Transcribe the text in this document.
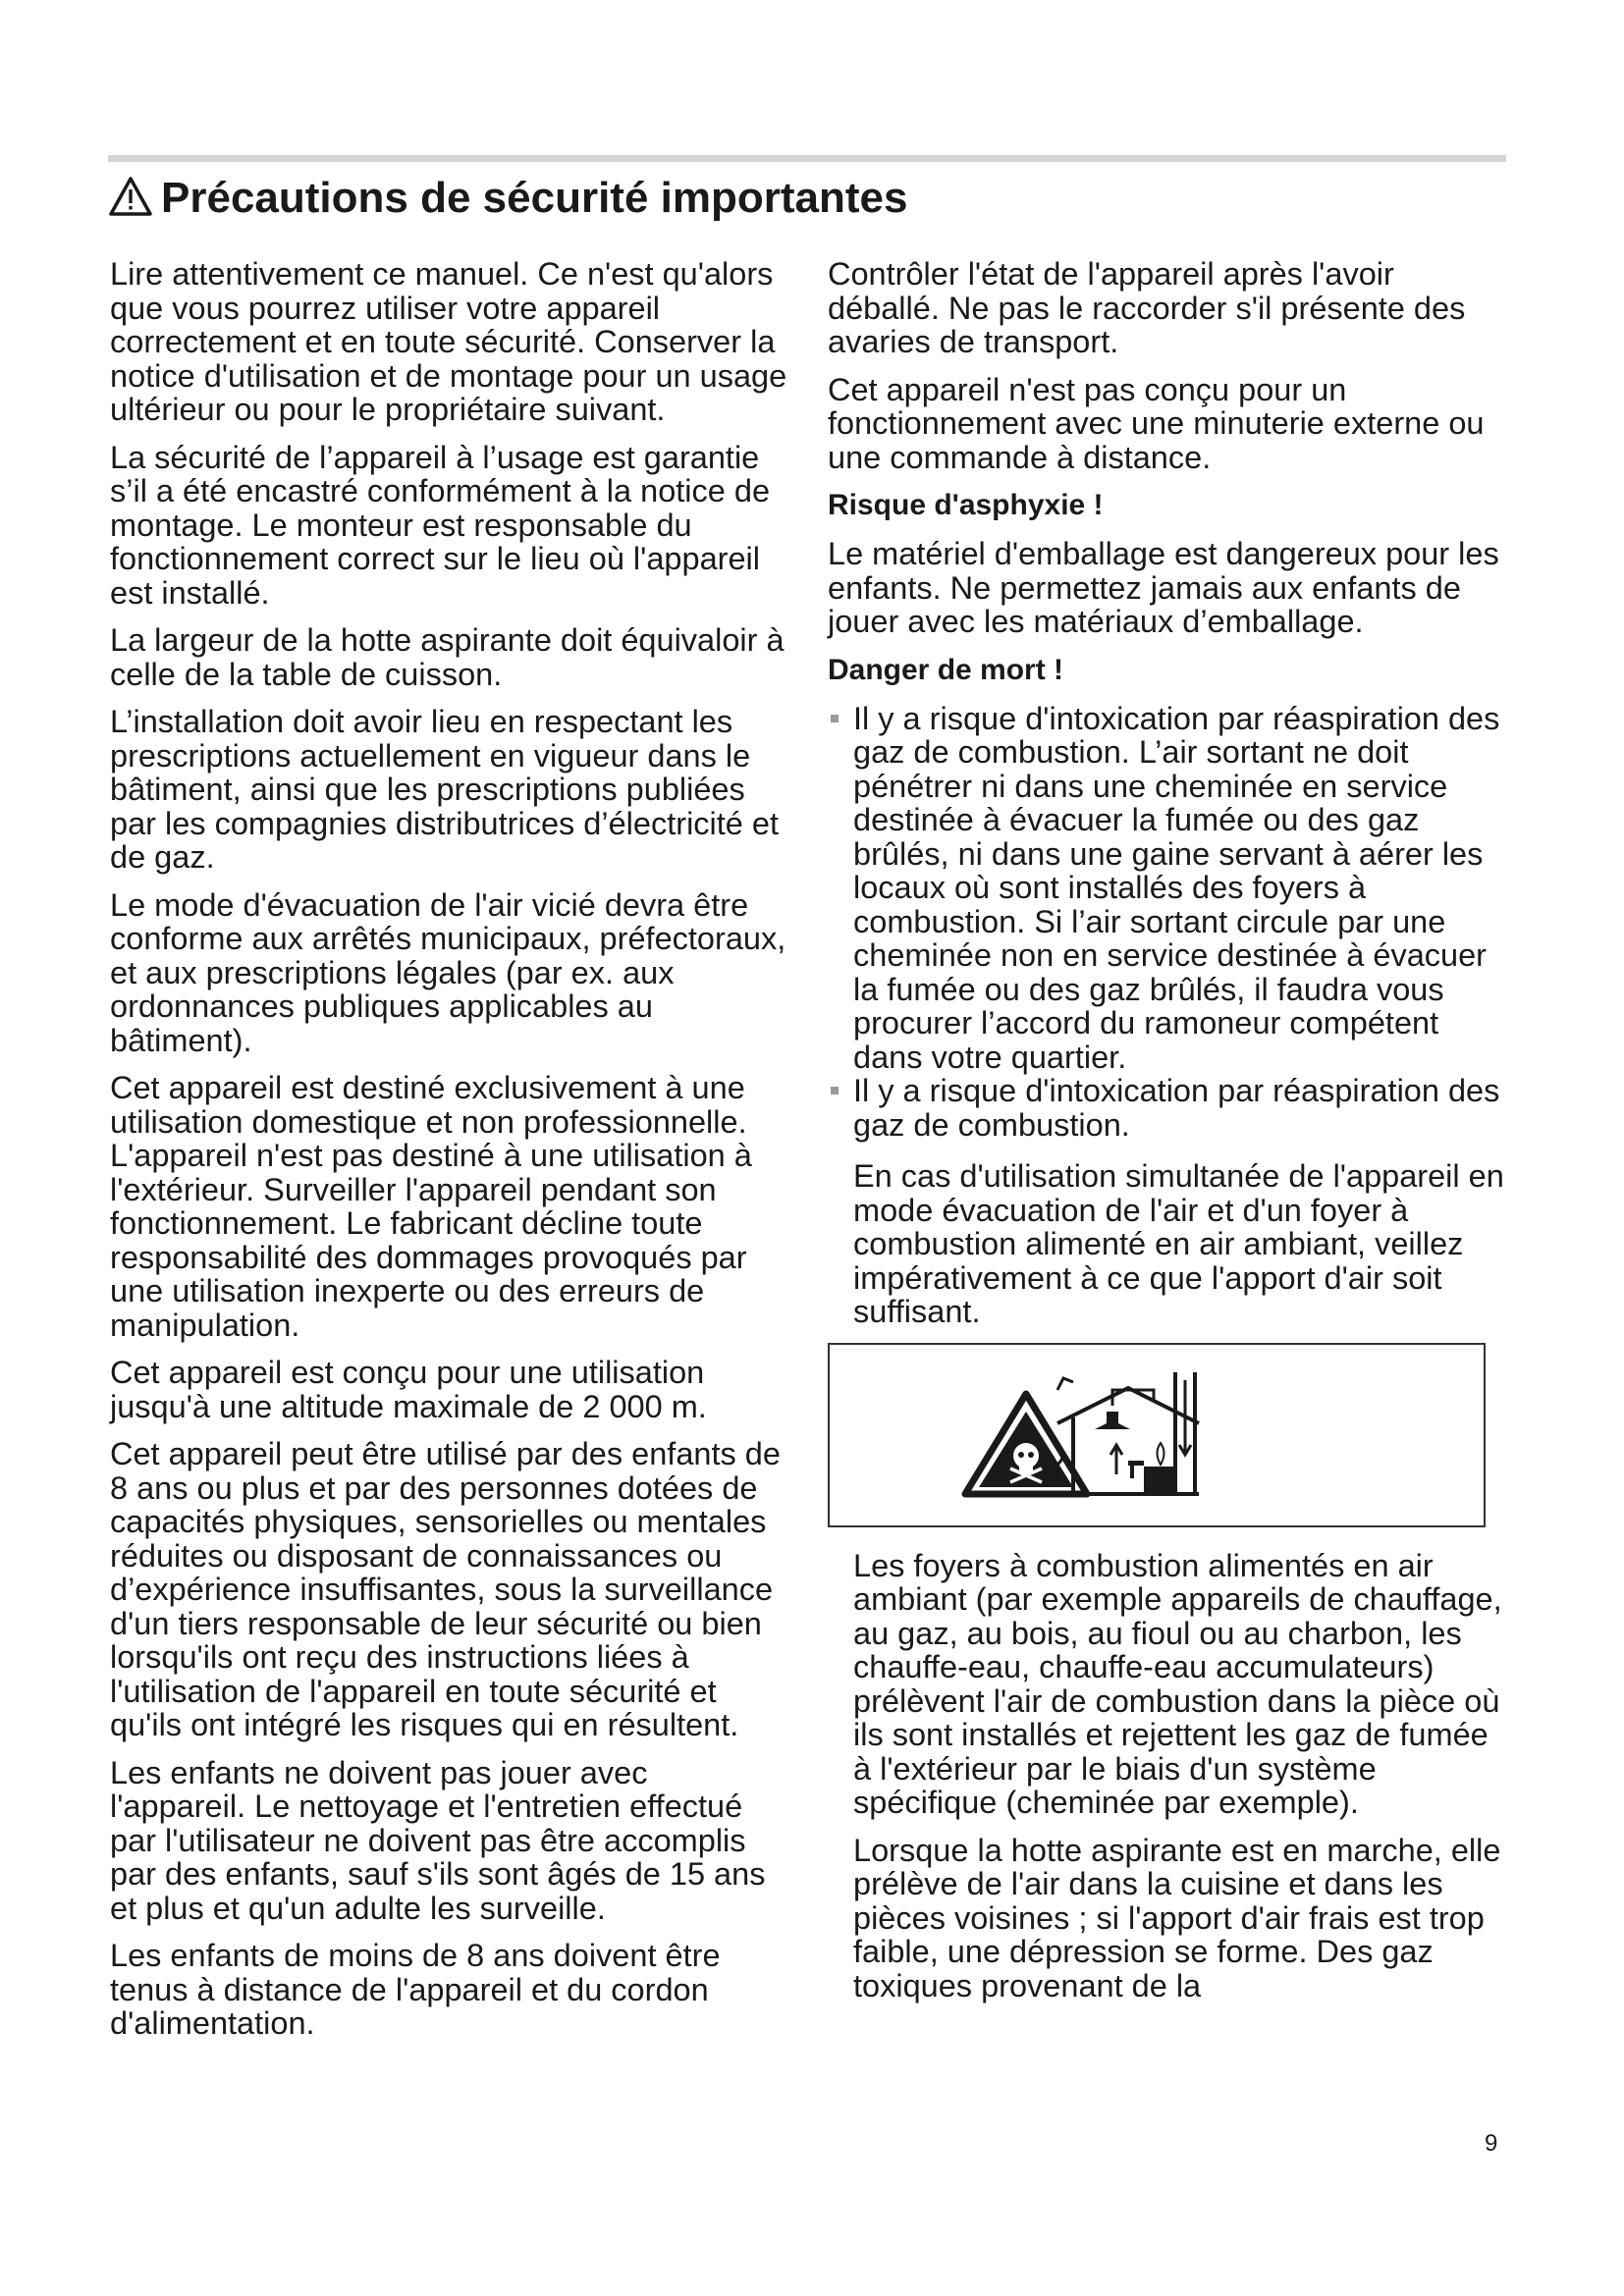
Précautions de sécurité importantes

Lire attentivement ce manuel. Ce n'est qu'alors que vous pourrez utiliser votre appareil correctement et en toute sécurité. Conserver la notice d'utilisation et de montage pour un usage ultérieur ou pour le propriétaire suivant.

La sécurité de l’appareil à l’usage est garantie s’il a été encastré conformément à la notice de montage. Le monteur est responsable du fonctionnement correct sur le lieu où l'appareil est installé.

La largeur de la hotte aspirante doit équivaloir à celle de la table de cuisson.

L’installation doit avoir lieu en respectant les prescriptions actuellement en vigueur dans le bâtiment, ainsi que les prescriptions publiées par les compagnies distributrices d’électricité et de gaz.

Le mode d'évacuation de l'air vicié devra être conforme aux arrêtés municipaux, préfectoraux, et aux prescriptions légales (par ex. aux ordonnances publiques applicables au bâtiment).

Cet appareil est destiné exclusivement à une utilisation domestique et non professionnelle. L'appareil n'est pas destiné à une utilisation à l'extérieur. Surveiller l'appareil pendant son fonctionnement. Le fabricant décline toute responsabilité des dommages provoqués par une utilisation inexperte ou des erreurs de manipulation.

Cet appareil est conçu pour une utilisation jusqu'à une altitude maximale de 2 000 m.

Cet appareil peut être utilisé par des enfants de 8 ans ou plus et par des personnes dotées de capacités physiques, sensorielles ou mentales réduites ou disposant de connaissances ou d’expérience insuffisantes, sous la surveillance d'un tiers responsable de leur sécurité ou bien lorsqu'ils ont reçu des instructions liées à l'utilisation de l'appareil en toute sécurité et qu'ils ont intégré les risques qui en résultent.

Les enfants ne doivent pas jouer avec l'appareil. Le nettoyage et l'entretien effectué par l'utilisateur ne doivent pas être accomplis par des enfants, sauf s'ils sont âgés de 15 ans et plus et qu'un adulte les surveille.

Les enfants de moins de 8 ans doivent être tenus à distance de l'appareil et du cordon d'alimentation.

Contrôler l'état de l'appareil après l'avoir déballé. Ne pas le raccorder s'il présente des avaries de transport.

Cet appareil n'est pas conçu pour un fonctionnement avec une minuterie externe ou une commande à distance.

Risque d'asphyxie !

Le matériel d'emballage est dangereux pour les enfants. Ne permettez jamais aux enfants de jouer avec les matériaux d’emballage.

Danger de mort !
Il y a risque d'intoxication par réaspiration des gaz de combustion. L’air sortant ne doit pénétrer ni dans une cheminée en service destinée à évacuer la fumée ou des gaz brûlés, ni dans une gaine servant à aérer les locaux où sont installés des foyers à combustion. Si l’air sortant circule par une cheminée non en service destinée à évacuer la fumée ou des gaz brûlés, il faudra vous procurer l’accord du ramoneur compétent dans votre quartier.
Il y a risque d'intoxication par réaspiration des gaz de combustion.

En cas d'utilisation simultanée de l'appareil en mode évacuation de l'air et d'un foyer à combustion alimenté en air ambiant, veillez impérativement à ce que l'apport d'air soit suffisant.

Les foyers à combustion alimentés en air ambiant (par exemple appareils de chauffage, au gaz, au bois, au fioul ou au charbon, les chauffe-eau, chauffe-eau accumulateurs) prélèvent l'air de combustion dans la pièce où ils sont installés et rejettent les gaz de fumée à l'extérieur par le biais d'un système spécifique (cheminée par exemple).

Lorsque la hotte aspirante est en marche, elle prélève de l'air dans la cuisine et dans les pièces voisines ; si l'apport d'air frais est trop faible, une dépression se forme. Des gaz toxiques provenant de la

9
